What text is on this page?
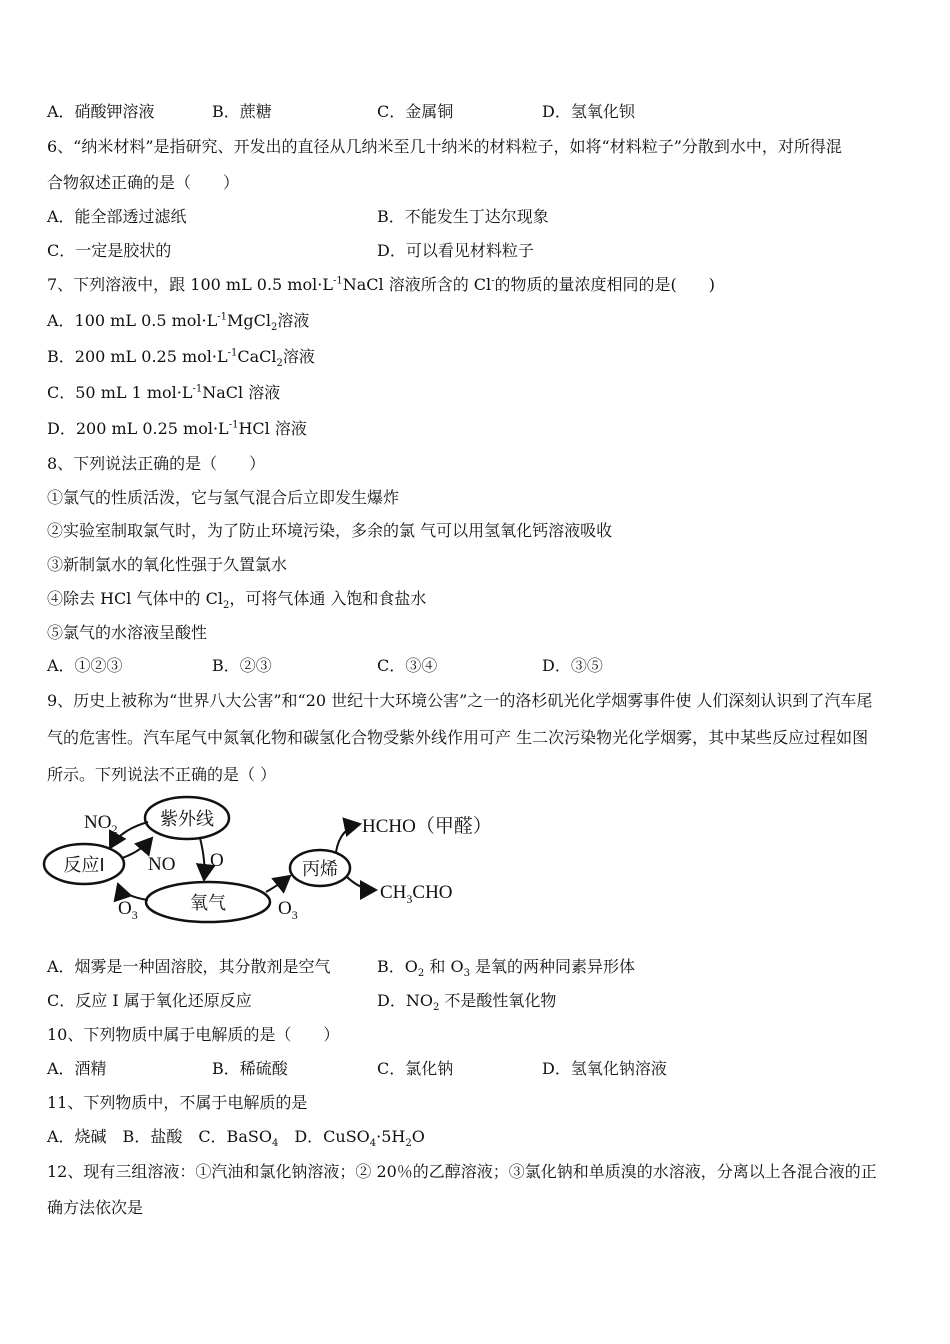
A．硝酸钾溶液	B．蔗糖	C．金属铜	D．氢氧化钡
6、“纳米材料”是指研究、开发出的直径从几纳米至几十纳米的材料粒子，如将“材料粒子”分散到水中，对所得混
合物叙述正确的是（　　）
A．能全部透过滤纸	B．不能发生丁达尔现象
C．一定是胶状的	D．可以看见材料粒子
7、下列溶液中，跟 100 mL 0.5 $mol\cdot L^{-1}NaCl$ 溶液所含的 Cl-的物质的量浓度相同的是(　　)
A．100 mL 0.5 $mol\cdot L^{-1}MgCl_2$溶液
B．200 mL 0.25 $mol\cdot L^{-1}CaCl_2$溶液
C．50 mL 1 $mol\cdot L^{-1}NaCl$ 溶液
D．200 mL 0.25 $mol\cdot L^{-1}HCl$ 溶液
8、下列说法正确的是（　　）
①氯气的性质活泼，它与氢气混合后立即发生爆炸
②实验室制取氯气时，为了防止环境污染，多余的氯 气可以用氢氧化钙溶液吸收
③新制氯水的氧化性强于久置氯水
④除去 HCl 气体中的 $Cl_2$，可将气体通 入饱和食盐水
⑤氯气的水溶液呈酸性
A．①②③	B．②③	C．③④	D．③⑤
9、历史上被称为“世界八大公害”和“20 世纪十大环境公害”之一的洛杉矶光化学烟雾事件使 人们深刻认识到了汽车尾
气的危害性。汽车尾气中氮氧化物和碳氢化合物受紫外线作用可产 生二次污染物光化学烟雾，其中某些反应过程如图
所示。下列说法不正确的是（ ）
紫外线
反应I
氧气
丙烯
$NO_2$
NO O
$O_3$	$O_3$
HCHO（甲醛）
$CH_3CHO$
A．烟雾是一种固溶胶，其分散剂是空气	B．$O_2$ 和 $O_3$ 是氧的两种同素异形体
C．反应 I 属于氧化还原反应	D．$NO_2$ 不是酸性氧化物
10、下列物质中属于电解质的是（　　）
A．酒精	B．稀硫酸	C．氯化钠	D．氢氧化钠溶液
11、下列物质中，不属于电解质的是
A．烧碱　B．盐酸　C．BaSO$_4$　D．$CuSO_4\cdot 5H_2O$
12、现有三组溶液：①汽油和氯化钠溶液；② 20％的乙醇溶液；③氯化钠和单质溴的水溶液，分离以上各混合液的正
确方法依次是
